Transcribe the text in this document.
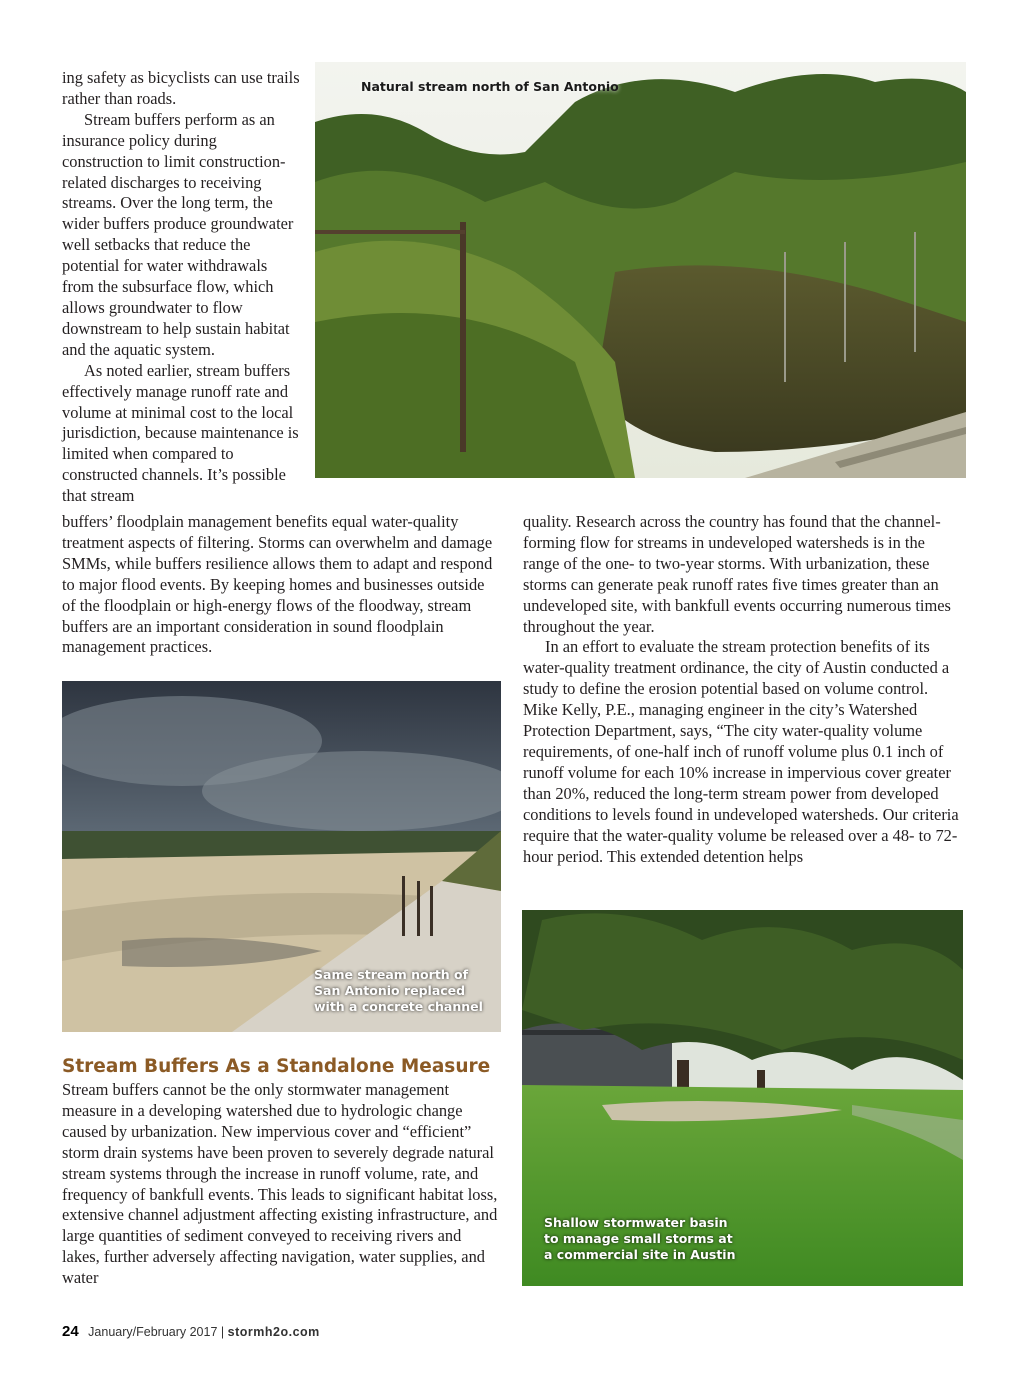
ing safety as bicyclists can use trails rather than roads.

Stream buffers perform as an insurance policy during construction to limit construction-related discharges to receiving streams. Over the long term, the wider buffers produce groundwater well setbacks that reduce the potential for water withdrawals from the subsurface flow, which allows groundwater to flow downstream to help sustain habitat and the aquatic system.

As noted earlier, stream buffers effectively manage runoff rate and volume at minimal cost to the local jurisdiction, because maintenance is limited when compared to constructed channels. It’s possible that stream

buffers’ floodplain management benefits equal water-quality treatment aspects of filtering. Storms can overwhelm and damage SMMs, while buffers resilience allows them to adapt and respond to major flood events. By keeping homes and businesses outside of the floodplain or high-energy flows of the floodway, stream buffers are an important consideration in sound floodplain management practices.

quality. Research across the country has found that the channel-forming flow for streams in undeveloped watersheds is in the range of the one- to two-year storms. With urbanization, these storms can generate peak runoff rates five times greater than an undeveloped site, with bankfull events occurring numerous times throughout the year.

In an effort to evaluate the stream protection benefits of its water-quality treatment ordinance, the city of Austin conducted a study to define the erosion potential based on volume control. Mike Kelly, P.E., managing engineer in the city’s Watershed Protection Department, says, “The city water-quality volume requirements, of one-half inch of runoff volume plus 0.1 inch of runoff volume for each 10% increase in impervious cover greater than 20%, reduced the long-term stream power from developed conditions to levels found in undeveloped watersheds. Our criteria require that the water-quality volume be released over a 48- to 72-hour period. This extended detention helps

Natural stream north of San Antonio
Same stream north of San Antonio replaced with a concrete channel
Shallow stormwater basin to manage small storms at a commercial site in Austin
Stream Buffers As a Standalone Measure

Stream buffers cannot be the only stormwater management measure in a developing watershed due to hydrologic change caused by urbanization. New impervious cover and “efficient” storm drain systems have been proven to severely degrade natural stream systems through the increase in runoff volume, rate, and frequency of bankfull events. This leads to significant habitat loss, extensive channel adjustment affecting existing infrastructure, and large quantities of sediment conveyed to receiving rivers and lakes, further adversely affecting navigation, water supplies, and water

24 January/February 2017 | stormh2o.com
